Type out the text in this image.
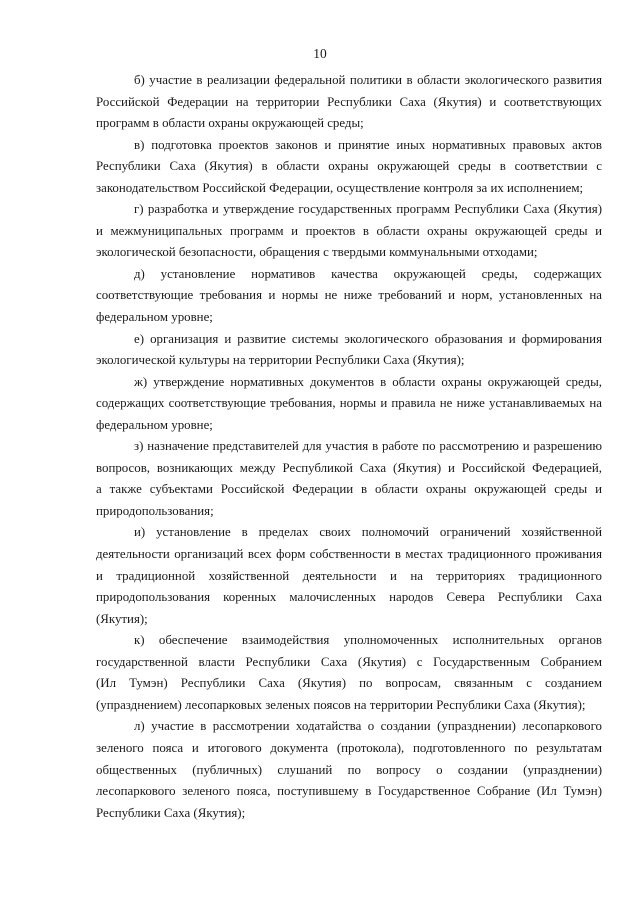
10
б) участие в реализации федеральной политики в области экологического развития
Российской Федерации на территории Республики Саха (Якутия) и соответствующих
программ в области охраны окружающей среды;
в) подготовка проектов законов и принятие иных нормативных правовых актов
Республики Саха (Якутия) в области охраны окружающей среды в соответствии с
законодательством Российской Федерации, осуществление контроля за их исполнением;
г) разработка и утверждение государственных программ Республики Саха (Якутия)
и межмуниципальных программ и проектов в области охраны окружающей среды и
экологической безопасности, обращения с твердыми коммунальными отходами;
д) установление нормативов качества окружающей среды, содержащих
соответствующие требования и нормы не ниже требований и норм, установленных на
федеральном уровне;
е) организация и развитие системы экологического образования и формирования
экологической культуры на территории Республики Саха (Якутия);
ж) утверждение нормативных документов в области охраны окружающей среды,
содержащих соответствующие требования, нормы и правила не ниже устанавливаемых на
федеральном уровне;
з) назначение представителей для участия в работе по рассмотрению и разрешению
вопросов, возникающих между Республикой Саха (Якутия) и Российской Федерацией,
а также субъектами Российской Федерации в области охраны окружающей среды и
природопользования;
и) установление в пределах своих полномочий ограничений хозяйственной
деятельности организаций всех форм собственности в местах традиционного проживания
и традиционной хозяйственной деятельности и на территориях традиционного
природопользования коренных малочисленных народов Севера Республики Саха
(Якутия);
к) обеспечение взаимодействия уполномоченных исполнительных органов
государственной власти Республики Саха (Якутия) с Государственным Собранием
(Ил Тумэн) Республики Саха (Якутия) по вопросам, связанным с созданием
(упразднением) лесопарковых зеленых поясов на территории Республики Саха (Якутия);
л) участие в рассмотрении ходатайства о создании (упразднении) лесопаркового
зеленого пояса и итогового документа (протокола), подготовленного по результатам
общественных (публичных) слушаний по вопросу о создании (упразднении)
лесопаркового зеленого пояса, поступившему в Государственное Собрание (Ил Тумэн)
Республики Саха (Якутия);
